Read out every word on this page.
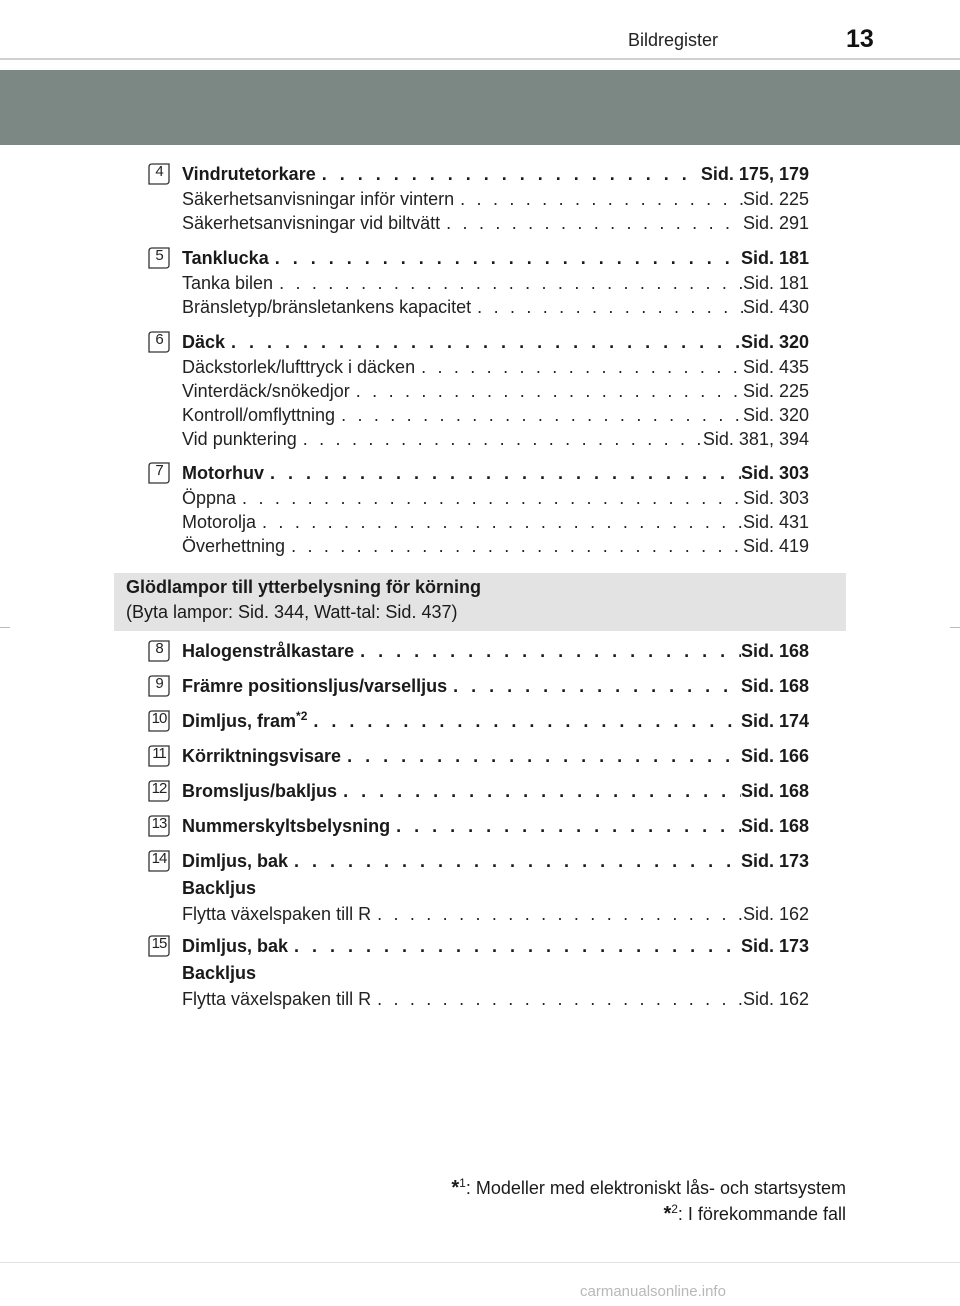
Bildregister	13
4	Vindrutetorkare . . .	Sid. 175, 179
Säkerhetsanvisningar inför vintern . . .	Sid. 225
Säkerhetsanvisningar vid biltvätt . . .	Sid. 291
5	Tanklucka . . .	Sid. 181
Tanka bilen . . .	Sid. 181
Bränsletyp/bränsletankens kapacitet . . .	Sid. 430
6	Däck . . .	Sid. 320
Däckstorlek/lufttryck i däcken . . .	Sid. 435
Vinterdäck/snökedjor . . .	Sid. 225
Kontroll/omflyttning . . .	Sid. 320
Vid punktering . . .	Sid. 381, 394
7	Motorhuv . . .	Sid. 303
Öppna . . .	Sid. 303
Motorolja . . .	Sid. 431
Överhettning . . .	Sid. 419
Glödlampor till ytterbelysning för körning
(Byta lampor: Sid. 344, Watt-tal: Sid. 437)
8	Halogenstrålkastare . . .	Sid. 168
9	Främre positionsljus/varselljus . . .	Sid. 168
10 Dimljus, fram$^{*2}$ . . .	Sid. 174
11 Körriktningsvisare . . .	Sid. 166
12 Bromsljus/bakljus . . .	Sid. 168
13 Nummerskyltsbelysning . . .	Sid. 168
14 Dimljus, bak . . .	Sid. 173
Backljus
Flytta växelspaken till R . . .	Sid. 162
15 Dimljus, bak . . .	Sid. 173
Backljus
Flytta växelspaken till R . . .	Sid. 162
*$^1$: Modeller med elektroniskt lås- och startsystem
*$^2$: I förekommande fall
carmanualsonline.info
